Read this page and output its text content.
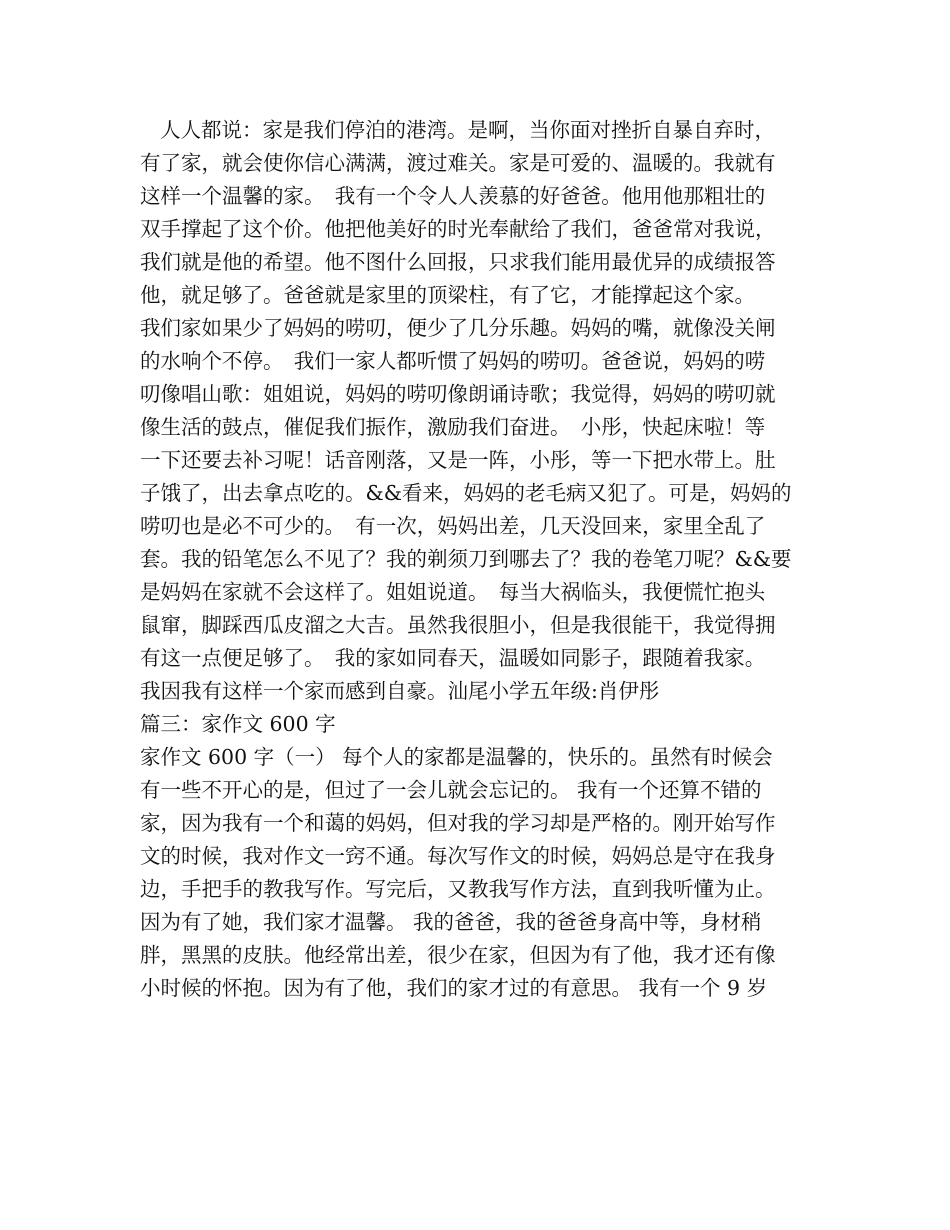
人人都说：家是我们停泊的港湾。是啊，当你面对挫折自暴自弃时，

有了家，就会使你信心满满，渡过难关。家是可爱的、温暖的。我就有

这样一个温馨的家。　我有一个令人人羡慕的好爸爸。他用他那粗壮的

双手撑起了这个价。他把他美好的时光奉献给了我们，爸爸常对我说，

我们就是他的希望。他不图什么回报，只求我们能用最优异的成绩报答

他，就足够了。爸爸就是家里的顶梁柱，有了它，才能撑起这个家。

我们家如果少了妈妈的唠叨，便少了几分乐趣。妈妈的嘴，就像没关闸

的水响个不停。　我们一家人都听惯了妈妈的唠叨。爸爸说，妈妈的唠

叨像唱山歌：姐姐说，妈妈的唠叨像朗诵诗歌；我觉得，妈妈的唠叨就

像生活的鼓点，催促我们振作，激励我们奋进。　小彤，快起床啦！等

一下还要去补习呢！话音刚落，又是一阵，小彤，等一下把水带上。肚

子饿了，出去拿点吃的。&&看来，妈妈的老毛病又犯了。可是，妈妈的

唠叨也是必不可少的。　有一次，妈妈出差，几天没回来，家里全乱了

套。我的铅笔怎么不见了？我的剃须刀到哪去了？我的卷笔刀呢？&&要

是妈妈在家就不会这样了。姐姐说道。　每当大祸临头，我便慌忙抱头

鼠窜，脚踩西瓜皮溜之大吉。虽然我很胆小，但是我很能干，我觉得拥

有这一点便足够了。　我的家如同春天，温暖如同影子，跟随着我家。

我因我有这样一个家而感到自豪。汕尾小学五年级:肖伊彤

篇三：家作文 600 字

家作文 600 字（一） 每个人的家都是温馨的，快乐的。虽然有时候会

有一些不开心的是，但过了一会儿就会忘记的。 我有一个还算不错的

家，因为我有一个和蔼的妈妈，但对我的学习却是严格的。刚开始写作

文的时候，我对作文一窍不通。每次写作文的时候，妈妈总是守在我身

边，手把手的教我写作。写完后，又教我写作方法，直到我听懂为止。

因为有了她，我们家才温馨。 我的爸爸，我的爸爸身高中等，身材稍

胖，黑黑的皮肤。他经常出差，很少在家，但因为有了他，我才还有像

小时候的怀抱。因为有了他，我们的家才过的有意思。 我有一个 9 岁
